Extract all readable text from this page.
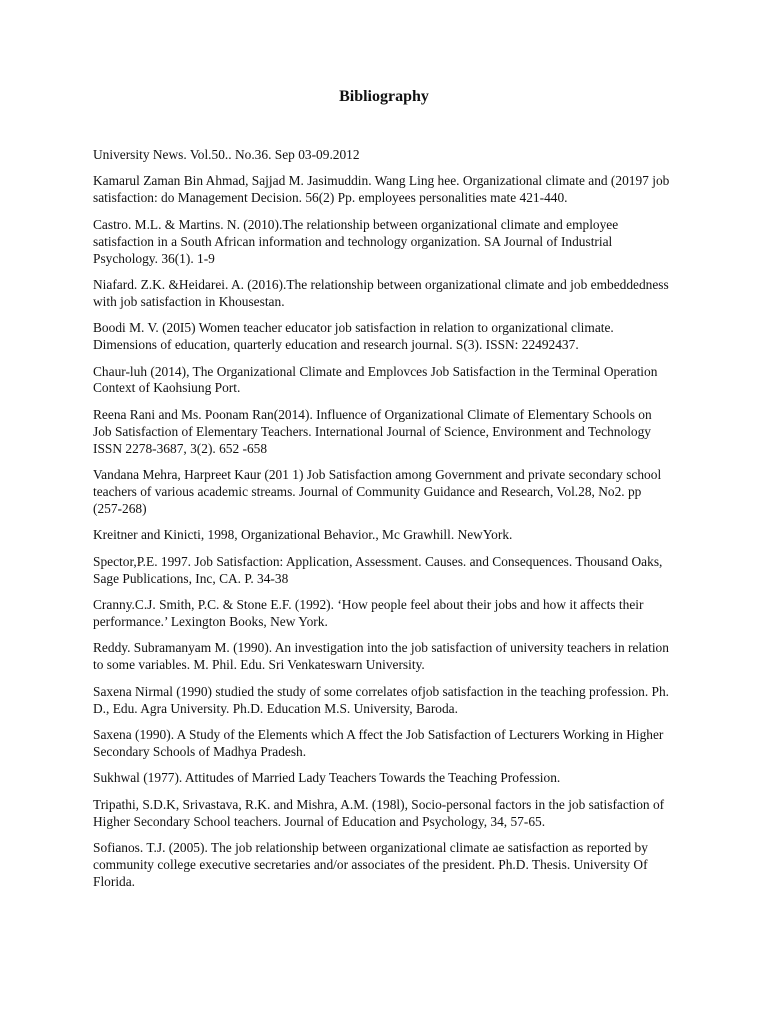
Bibliography
University News. Vol.50.. No.36. Sep 03-09.2012
Kamarul Zaman Bin Ahmad, Sajjad M. Jasimuddin. Wang Ling hee. Organizational climate and (20197 job satisfaction: do Management Decision. 56(2) Pp. employees personalities mate 421-440.
Castro. M.L. & Martins. N. (2010).The relationship between organizational climate and employee satisfaction in a South African information and technology organization. SA Journal of Industrial Psychology. 36(1). 1-9
Niafard. Z.K. &Heidarei. A. (2016).The relationship between organizational climate and job embeddedness with job satisfaction in Khousestan.
Boodi M. V. (20I5) Women teacher educator job satisfaction in relation to organizational climate. Dimensions of education, quarterly education and research journal. S(3). ISSN: 22492437.
Chaur-luh (2014), The Organizational Climate and Emplovces Job Satisfaction in the Terminal Operation Context of Kaohsiung Port.
Reena Rani and Ms. Poonam Ran(2014). Influence of Organizational Climate of Elementary Schools on Job Satisfaction of Elementary Teachers. International Journal of Science, Environment and Technology ISSN 2278-3687, 3(2). 652 -658
Vandana Mehra, Harpreet Kaur (201 1) Job Satisfaction among Government and private secondary school teachers of various academic streams. Journal of Community Guidance and Research, Vol.28, No2. pp (257-268)
Kreitner and Kinicti, 1998, Organizational Behavior., Mc Grawhill. NewYork.
Spector,P.E. 1997. Job Satisfaction: Application, Assessment. Causes. and Consequences. Thousand Oaks, Sage Publications, Inc, CA. P. 34-38
Cranny.C.J. Smith, P.C. & Stone E.F. (1992). ‘How people feel about their jobs and how it affects their performance.’ Lexington Books, New York.
Reddy. Subramanyam M. (1990). An investigation into the job satisfaction of university teachers in relation to some variables. M. Phil. Edu. Sri Venkateswarn University.
Saxena Nirmal (1990) studied the study of some correlates ofjob satisfaction in the teaching profession. Ph. D., Edu. Agra University. Ph.D. Education M.S. University, Baroda.
Saxena (1990). A Study of the Elements which A ffect the Job Satisfaction of Lecturers Working in Higher Secondary Schools of Madhya Pradesh.
Sukhwal (1977). Attitudes of Married Lady Teachers Towards the Teaching Profession.
Tripathi, S.D.K, Srivastava, R.K. and Mishra, A.M. (198l), Socio-personal factors in the job satisfaction of Higher Secondary School teachers. Journal of Education and Psychology, 34, 57-65.
Sofianos. T.J. (2005). The job relationship between organizational climate ae satisfaction as reported by community college executive secretaries and/or associates of the president. Ph.D. Thesis. University Of Florida.
